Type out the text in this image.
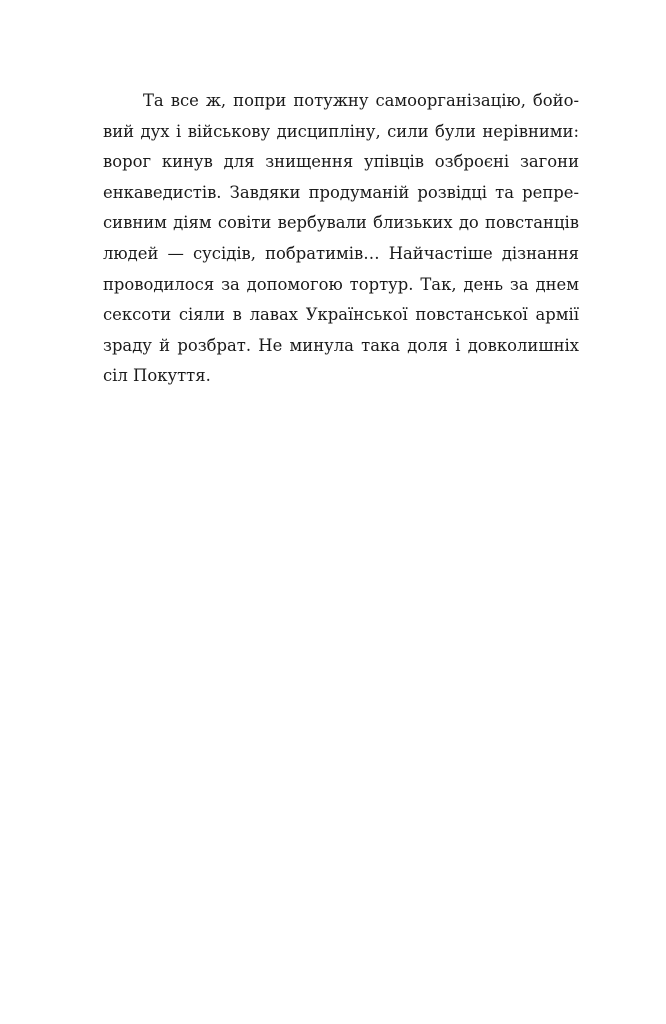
Та все ж, попри потужну самоорганізацію, бойо-
вий дух і військову дисципліну, сили були нерівними:
ворог кинув для знищення упівців озброєні загони
енкаведистів. Завдяки продуманій розвідці та репре-
сивним діям совіти вербували близьких до повстанців
людей — сусідів, побратимів… Найчастіше дізнання
проводилося за допомогою тортур. Так, день за днем
сексоти сіяли в лавах Української повстанської армії
зраду й розбрат. Не минула така доля і довколишніх
сіл Покуття.
